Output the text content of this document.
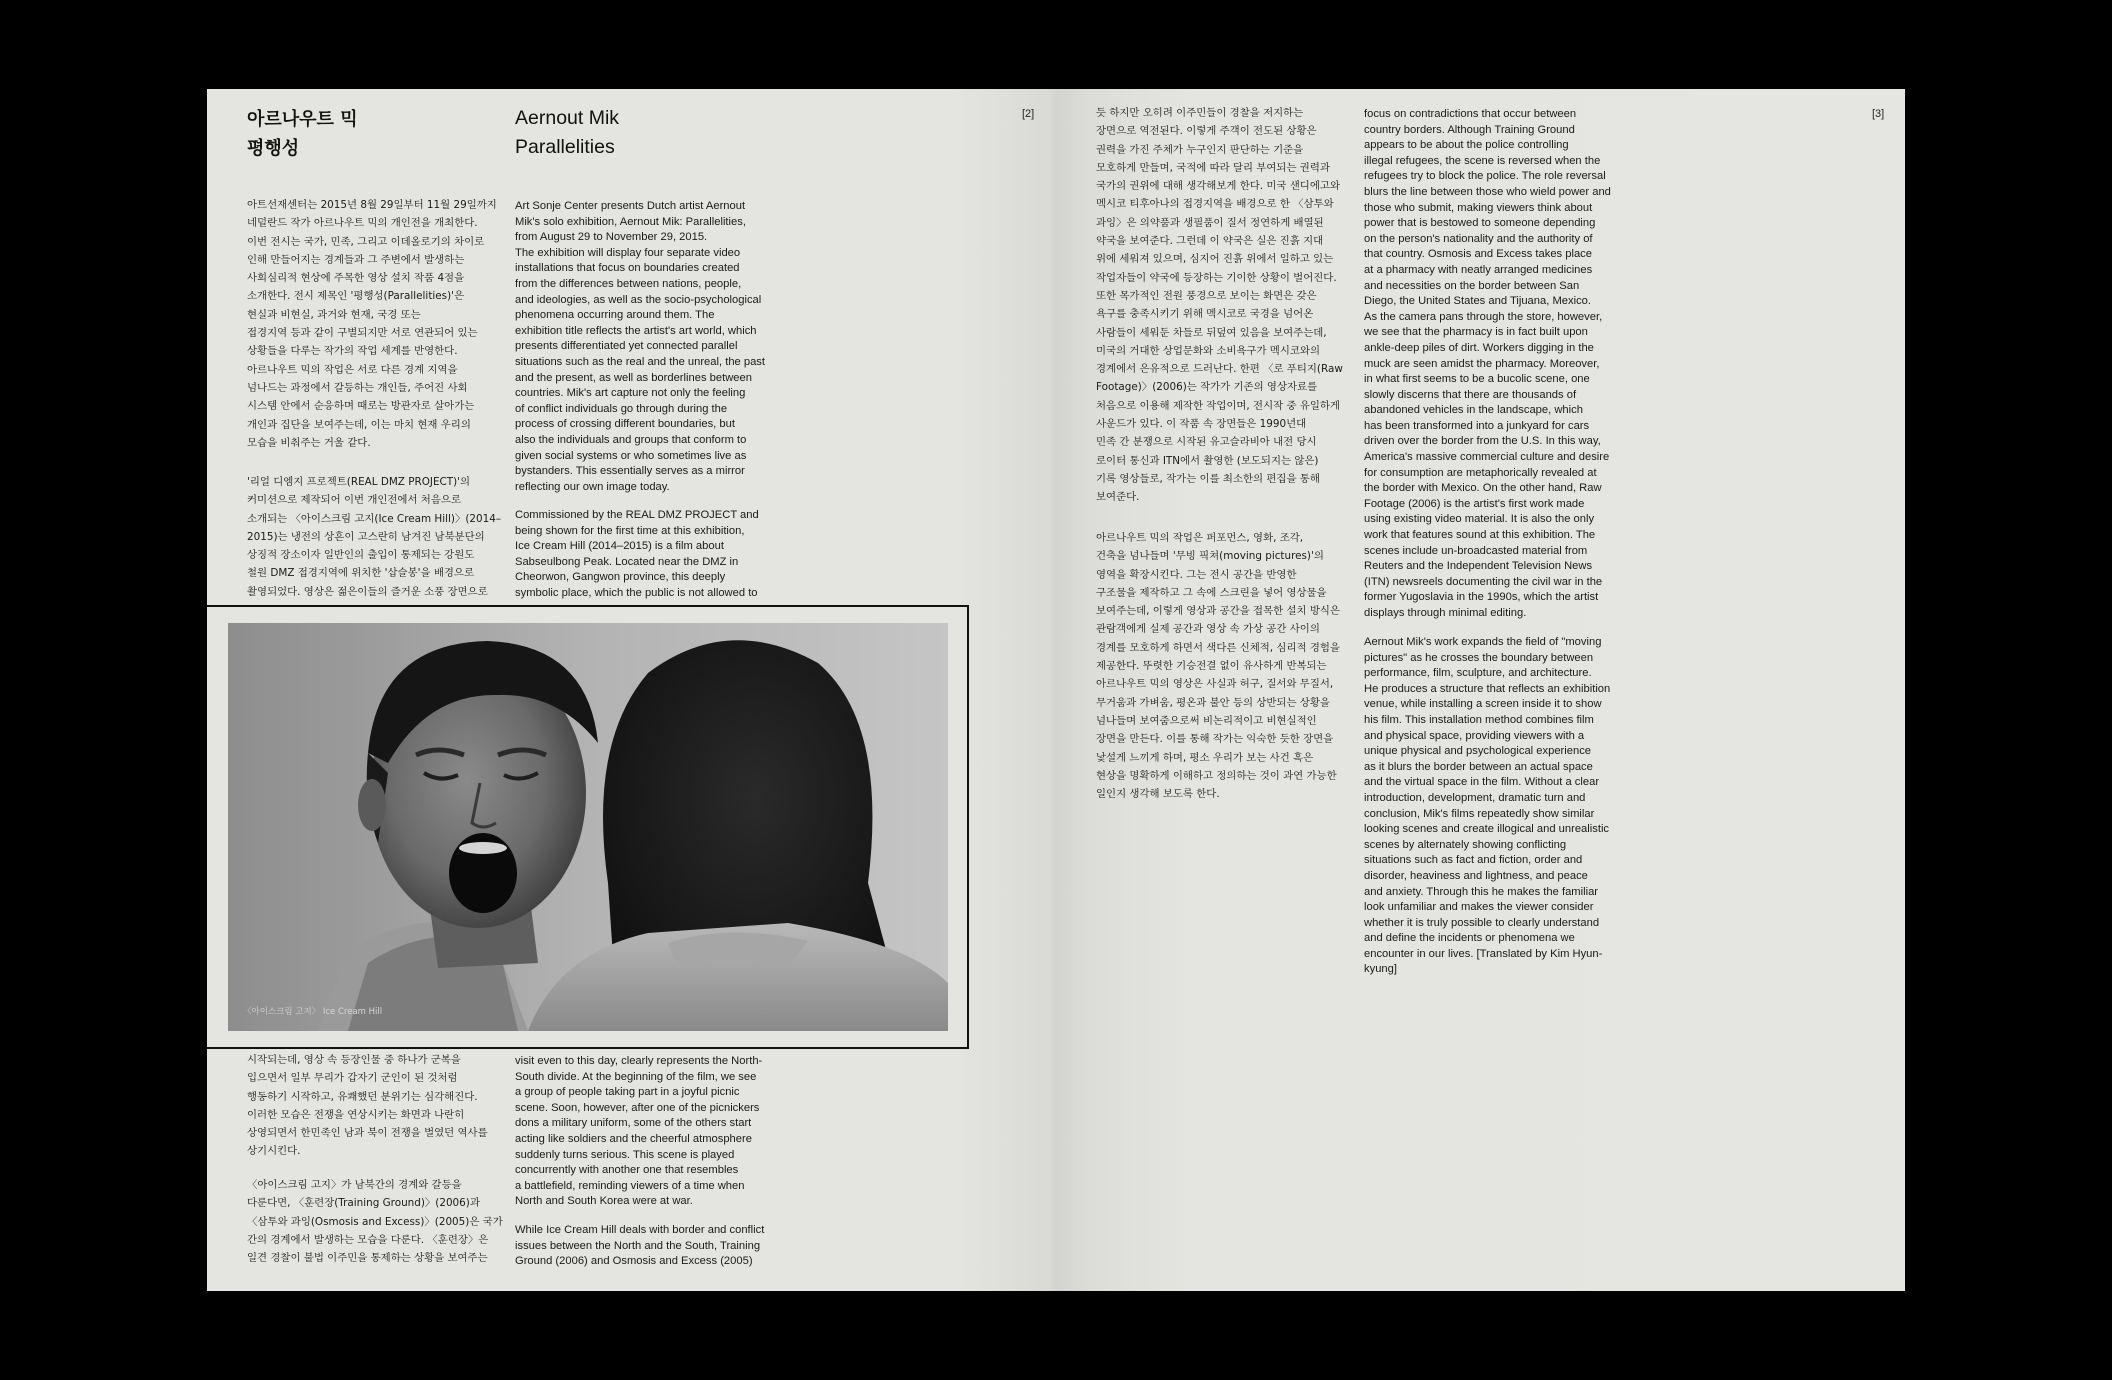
아르나우트 믹
평행성
Aernout Mik
Parallelities
[2]
아트선재센터는 2015년 8월 29일부터 11월 29일까지
네덜란드 작가 아르나우트 믹의 개인전을 개최한다.
이번 전시는 국가, 민족, 그리고 이데올로기의 차이로
인해 만들어지는 경계들과 그 주변에서 발생하는
사회심리적 현상에 주목한 영상 설치 작품 4점을
소개한다. 전시 제목인 '평행성(Parallelities)'은
현실과 비현실, 과거와 현재, 국경 또는
접경지역 등과 같이 구별되지만 서로 연관되어 있는
상황들을 다루는 작가의 작업 세계를 반영한다.
아르나우트 믹의 작업은 서로 다른 경계 지역을
넘나드는 과정에서 갈등하는 개인들, 주어진 사회
시스템 안에서 순응하며 때로는 방관자로 살아가는
개인과 집단을 보여주는데, 이는 마치 현재 우리의
모습을 비춰주는 거울 같다.
'리얼 디엠지 프로젝트(REAL DMZ PROJECT)'의
커미션으로 제작되어 이번 개인전에서 처음으로
소개되는 〈아이스크림 고지(Ice Cream Hill)〉(2014–
2015)는 냉전의 상흔이 고스란히 남겨진 남북분단의
상징적 장소이자 일반인의 출입이 통제되는 강원도
철원 DMZ 접경지역에 위치한 '삽슬봉'을 배경으로
촬영되었다. 영상은 젊은이들의 즐거운 소풍 장면으로
Art Sonje Center presents Dutch artist Aernout
Mik's solo exhibition, Aernout Mik: Parallelities,
from August 29 to November 29, 2015.
The exhibition will display four separate video
installations that focus on boundaries created
from the differences between nations, people,
and ideologies, as well as the socio-psychological
phenomena occurring around them. The
exhibition title reflects the artist's art world, which
presents differentiated yet connected parallel
situations such as the real and the unreal, the past
and the present, as well as borderlines between
countries. Mik's art capture not only the feeling
of conflict individuals go through during the
process of crossing different boundaries, but
also the individuals and groups that conform to
given social systems or who sometimes live as
bystanders. This essentially serves as a mirror
reflecting our own image today.
Commissioned by the REAL DMZ PROJECT and
being shown for the first time at this exhibition,
Ice Cream Hill (2014–2015) is a film about
Sabseulbong Peak. Located near the DMZ in
Cheorwon, Gangwon province, this deeply
symbolic place, which the public is not allowed to
〈아이스크림 고지〉 Ice Cream Hill
시작되는데, 영상 속 등장인물 중 하나가 군복을
입으면서 일부 무리가 갑자기 군인이 된 것처럼
행동하기 시작하고, 유쾌했던 분위기는 심각해진다.
이러한 모습은 전쟁을 연상시키는 화면과 나란히
상영되면서 한민족인 남과 북이 전쟁을 벌였던 역사를
상기시킨다.
〈아이스크림 고지〉가 남북간의 경계와 갈등을
다룬다면, 〈훈련장(Training Ground)〉(2006)과
〈삼투와 과잉(Osmosis and Excess)〉(2005)은 국가
간의 경계에서 발생하는 모습을 다룬다. 〈훈련장〉은
일견 경찰이 불법 이주민을 통제하는 상황을 보여주는
visit even to this day, clearly represents the North-
South divide. At the beginning of the film, we see
a group of people taking part in a joyful picnic
scene. Soon, however, after one of the picnickers
dons a military uniform, some of the others start
acting like soldiers and the cheerful atmosphere
suddenly turns serious. This scene is played
concurrently with another one that resembles
a battlefield, reminding viewers of a time when
North and South Korea were at war.
While Ice Cream Hill deals with border and conflict
issues between the North and the South, Training
Ground (2006) and Osmosis and Excess (2005)
듯 하지만 오히려 이주민들이 경찰을 저지하는
장면으로 역전된다. 이렇게 주객이 전도된 상황은
권력을 가진 주체가 누구인지 판단하는 기준을
모호하게 만들며, 국적에 따라 달리 부여되는 권력과
국가의 권위에 대해 생각해보게 한다. 미국 샌디에고와
멕시코 티후아나의 접경지역을 배경으로 한 〈삼투와
과잉〉은 의약품과 생필품이 질서 정연하게 배열된
약국을 보여준다. 그런데 이 약국은 실은 진흙 지대
위에 세워져 있으며, 심지어 진흙 위에서 일하고 있는
작업자들이 약국에 등장하는 기이한 상황이 벌어진다.
또한 목가적인 전원 풍경으로 보이는 화면은 갖은
욕구를 충족시키기 위해 멕시코로 국경을 넘어온
사람들이 세워둔 차들로 뒤덮여 있음을 보여주는데,
미국의 거대한 상업문화와 소비욕구가 멕시코와의
경계에서 은유적으로 드러난다. 한편 〈로 푸티지(Raw
Footage)〉(2006)는 작가가 기존의 영상자료를
처음으로 이용해 제작한 작업이며, 전시작 중 유일하게
사운드가 있다. 이 작품 속 장면들은 1990년대
민족 간 분쟁으로 시작된 유고슬라비아 내전 당시
로이터 통신과 ITN에서 촬영한 (보도되지는 않은)
기록 영상들로, 작가는 이를 최소한의 편집을 통해
보여준다.
아르나우트 믹의 작업은 퍼포먼스, 영화, 조각,
건축을 넘나들며 '무빙 픽쳐(moving pictures)'의
영역을 확장시킨다. 그는 전시 공간을 반영한
구조물을 제작하고 그 속에 스크린을 넣어 영상물을
보여주는데, 이렇게 영상과 공간을 접목한 설치 방식은
관람객에게 실제 공간과 영상 속 가상 공간 사이의
경계를 모호하게 하면서 색다른 신체적, 심리적 경험을
제공한다. 뚜렷한 기승전결 없이 유사하게 반복되는
아르나우트 믹의 영상은 사실과 허구, 질서와 무질서,
무거움과 가벼움, 평온과 불안 등의 상반되는 상황을
넘나들며 보여줌으로써 비논리적이고 비현실적인
장면을 만든다. 이를 통해 작가는 익숙한 듯한 장면을
낯설게 느끼게 하며, 평소 우리가 보는 사건 혹은
현상을 명확하게 이해하고 정의하는 것이 과연 가능한
일인지 생각해 보도록 한다.
focus on contradictions that occur between
country borders. Although Training Ground
appears to be about the police controlling
illegal refugees, the scene is reversed when the
refugees try to block the police. The role reversal
blurs the line between those who wield power and
those who submit, making viewers think about
power that is bestowed to someone depending
on the person's nationality and the authority of
that country. Osmosis and Excess takes place
at a pharmacy with neatly arranged medicines
and necessities on the border between San
Diego, the United States and Tijuana, Mexico.
As the camera pans through the store, however,
we see that the pharmacy is in fact built upon
ankle-deep piles of dirt. Workers digging in the
muck are seen amidst the pharmacy. Moreover,
in what first seems to be a bucolic scene, one
slowly discerns that there are thousands of
abandoned vehicles in the landscape, which
has been transformed into a junkyard for cars
driven over the border from the U.S. In this way,
America's massive commercial culture and desire
for consumption are metaphorically revealed at
the border with Mexico. On the other hand, Raw
Footage (2006) is the artist's first work made
using existing video material. It is also the only
work that features sound at this exhibition. The
scenes include un-broadcasted material from
Reuters and the Independent Television News
(ITN) newsreels documenting the civil war in the
former Yugoslavia in the 1990s, which the artist
displays through minimal editing.
Aernout Mik's work expands the field of "moving
pictures" as he crosses the boundary between
performance, film, sculpture, and architecture.
He produces a structure that reflects an exhibition
venue, while installing a screen inside it to show
his film. This installation method combines film
and physical space, providing viewers with a
unique physical and psychological experience
as it blurs the border between an actual space
and the virtual space in the film. Without a clear
introduction, development, dramatic turn and
conclusion, Mik's films repeatedly show similar
looking scenes and create illogical and unrealistic
scenes by alternately showing conflicting
situations such as fact and fiction, order and
disorder, heaviness and lightness, and peace
and anxiety. Through this he makes the familiar
look unfamiliar and makes the viewer consider
whether it is truly possible to clearly understand
and define the incidents or phenomena we
encounter in our lives. [Translated by Kim Hyun-
kyung]
[3]
